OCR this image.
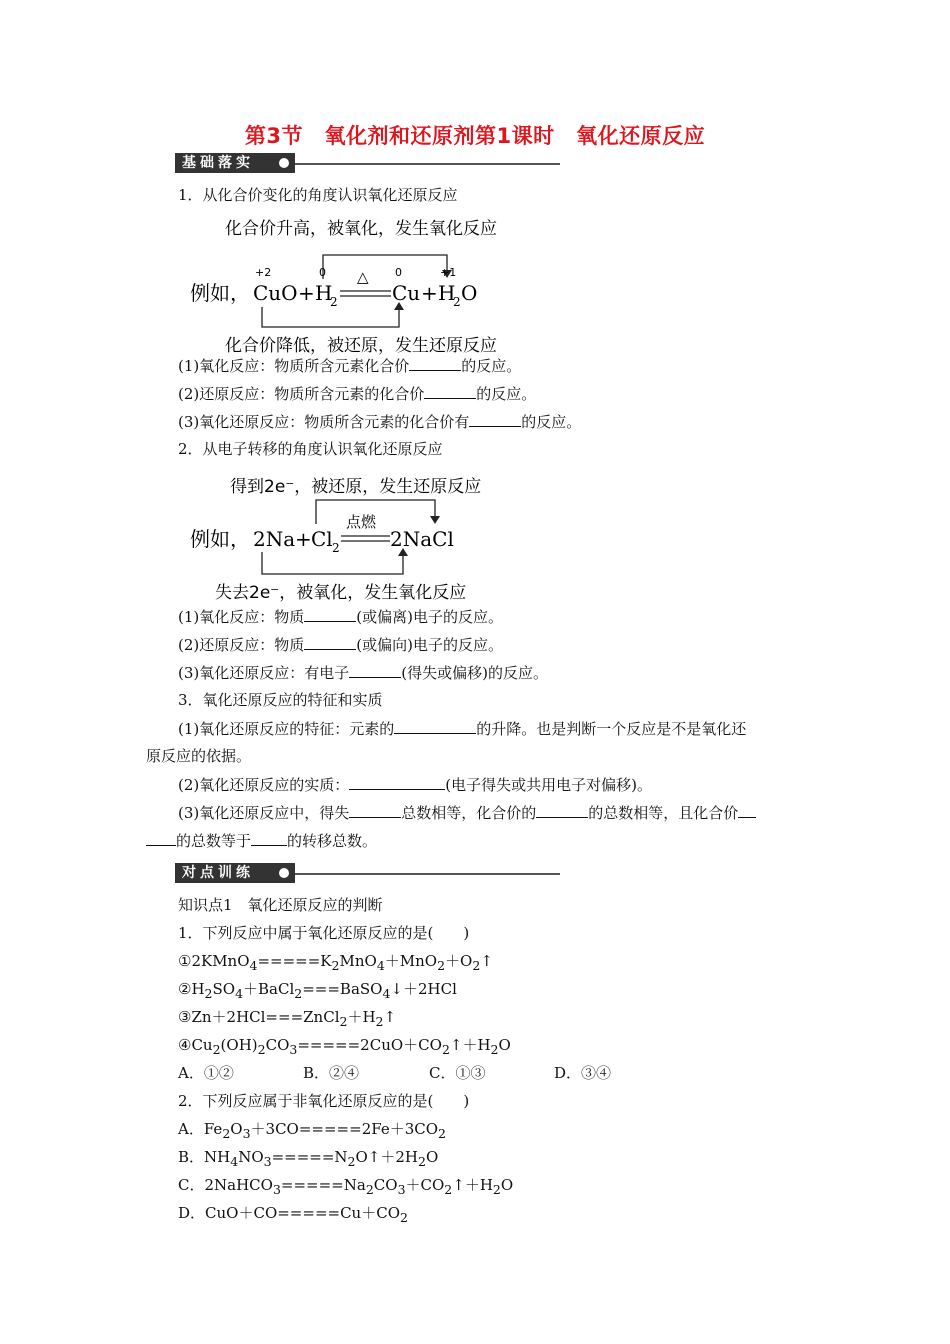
第3节　氧化剂和还原剂第1课时　氧化还原反应
基础落实
1．从化合价变化的角度认识氧化还原反应
化合价升高，被氧化，发生氧化反应
化合价降低，被还原，发生还原反应
+2	0	0	+1
△
例如， CuO + H
2	Cu + H
2 O
(1)氧化反应：物质所含元素化合价	的反应。
(2)还原反应：物质所含元素的化合价	的反应。
(3)氧化还原反应：物质所含元素的化合价有	的反应。
2．从电子转移的角度认识氧化还原反应
得到2e⁻，被还原，发生还原反应
失去2e⁻，被氧化，发生氧化反应
点燃
例如， 2Na + Cl 2	2NaCl
(1)氧化反应：物质	(或偏离)电子的反应。
(2)还原反应：物质	(或偏向)电子的反应。
(3)氧化还原反应：有电子	(得失或偏移)的反应。
3．氧化还原反应的特征和实质
(1)氧化还原反应的特征：元素的	的升降。也是判断一个反应是不是氧化还
原反应的依据。
(2)氧化还原反应的实质：	(电子得失或共用电子对偏移)。
(3)氧化还原反应中，得失	总数相等，化合价的	的总数相等，且化合价
的总数等于 的转移总数。
对点训练
知识点1　氧化还原反应的判断
1．下列反应中属于氧化还原反应的是(　　)
$①2KMnO_4=====K_2MnO_4+MnO_2+O_2↑$
$②H_2SO_4+BaCl_2===BaSO_4↓+2HCl$
$③Zn+2HCl===ZnCl_2+H_2↑$
$④Cu_2(OH)_2CO_3=====2CuO+CO_2↑+H_2O$
A．①②	B．②④	C．①③	D．③④
2．下列反应属于非氧化还原反应的是(　　)
A．$Fe_2O_3+3CO=====2Fe+3CO_2$
B．$NH_4NO_3=====N_2O↑+2H_2O$
C．$2NaHCO_3=====Na_2CO_3+CO_2↑+H_2O$
D．$CuO+CO=====Cu+CO_2$
